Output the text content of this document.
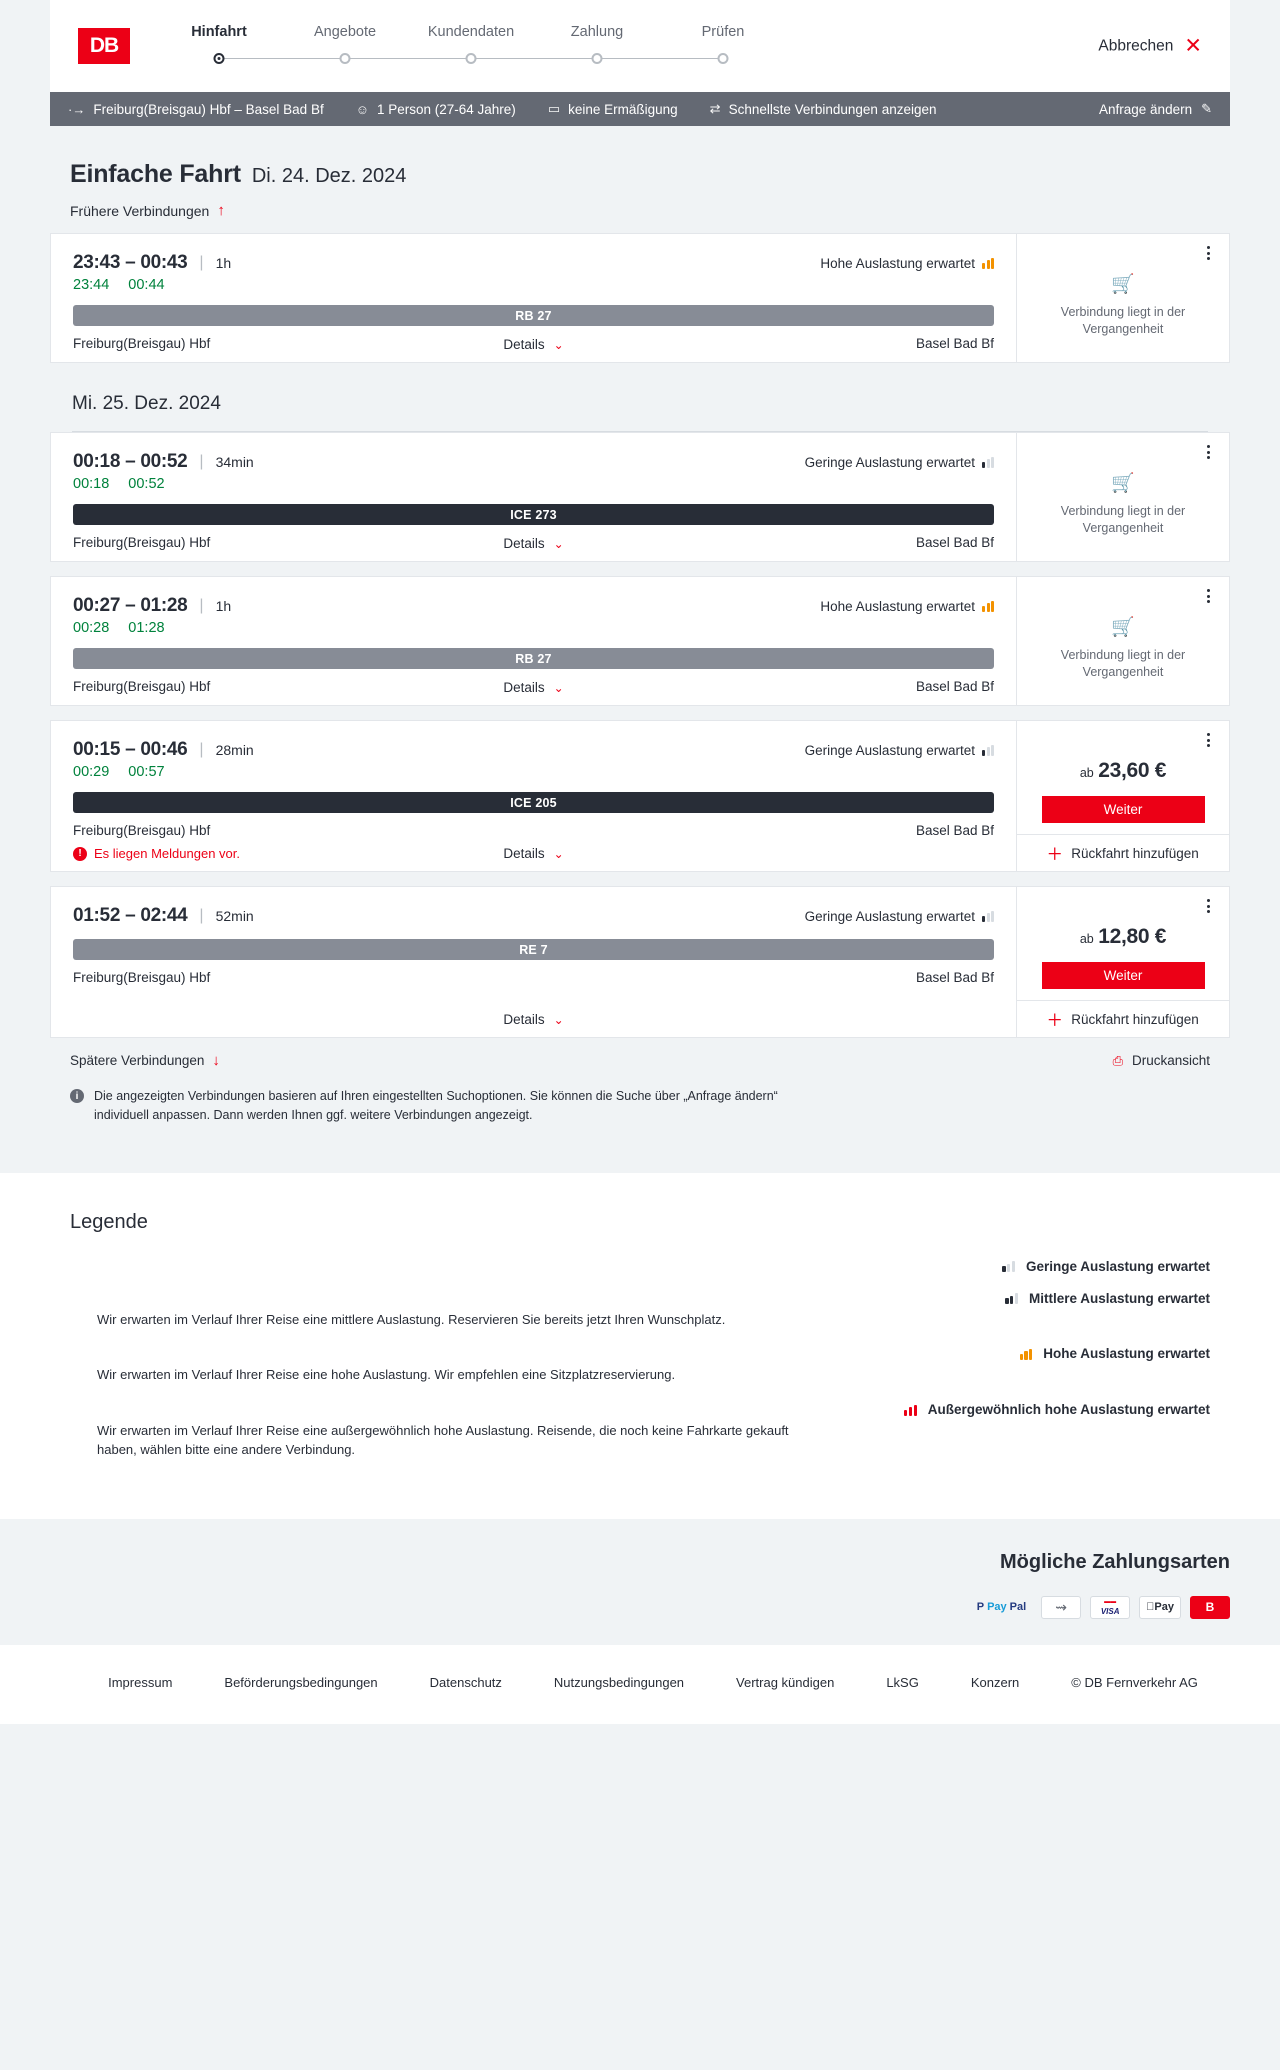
DB
Hinfahrt	Angebote	Kundendaten	Zahlung	Prüfen
Abbrechen ✕
·→ Freiburg(Breisgau) Hbf – Basel Bad Bf ☺ 1 Person (27-64 Jahre) ▭ keine Ermäßigung ⇄ Schnellste Verbindungen anzeigen	Anfrage ändern ✎
Einfache Fahrt Di. 24. Dez. 2024
Frühere Verbindungen ↑
23:43 – 00:43 | 1h	Hohe Auslastung erwartet
23:44 00:44
RB 27
Freiburg(Breisgau) Hbf	Basel Bad Bf
Details ⌄
🛒
Verbindung liegt in der Vergangenheit
Mi. 25. Dez. 2024
00:18 – 00:52 | 34min	Geringe Auslastung erwartet
00:18 00:52
ICE 273
Freiburg(Breisgau) Hbf	Basel Bad Bf
Details ⌄
🛒
Verbindung liegt in der Vergangenheit
00:27 – 01:28 | 1h	Hohe Auslastung erwartet
00:28 01:28
RB 27
Freiburg(Breisgau) Hbf	Basel Bad Bf
Details ⌄
🛒
Verbindung liegt in der Vergangenheit
00:15 – 00:46 | 28min	Geringe Auslastung erwartet
00:29 00:57
ICE 205
Freiburg(Breisgau) Hbf	Basel Bad Bf
! Es liegen Meldungen vor.	Details ⌄
ab 23,60 €
Weiter
＋ Rückfahrt hinzufügen
01:52 – 02:44 | 52min	Geringe Auslastung erwartet
RE 7
Freiburg(Breisgau) Hbf	Basel Bad Bf
Details ⌄
ab 12,80 €
Weiter
＋ Rückfahrt hinzufügen
Spätere Verbindungen ↓	⎙ Druckansicht
i	Die angezeigten Verbindungen basieren auf Ihren eingestellten Suchoptionen. Sie können die Suche über „Anfrage ändern“ individuell anpassen. Dann werden Ihnen ggf. weitere Verbindungen angezeigt.
Legende
Geringe Auslastung erwartet
Mittlere Auslastung erwartet
Wir erwarten im Verlauf Ihrer Reise eine mittlere Auslastung. Reservieren Sie bereits jetzt Ihren Wunschplatz.
Hohe Auslastung erwartet
Wir erwarten im Verlauf Ihrer Reise eine hohe Auslastung. Wir empfehlen eine Sitzplatzreservierung.
Außergewöhnlich hohe Auslastung erwartet
Wir erwarten im Verlauf Ihrer Reise eine außergewöhnlich hohe Auslastung. Reisende, die noch keine Fahrkarte gekauft haben, wählen bitte eine andere Verbindung.
Mögliche Zahlungsarten
P Pay Pal ⇝	▬▬
VISA	Pay	B
Impressum	Beförderungsbedingungen	Datenschutz	Nutzungsbedingungen	Vertrag kündigen	LkSG	Konzern	© DB Fernverkehr AG
